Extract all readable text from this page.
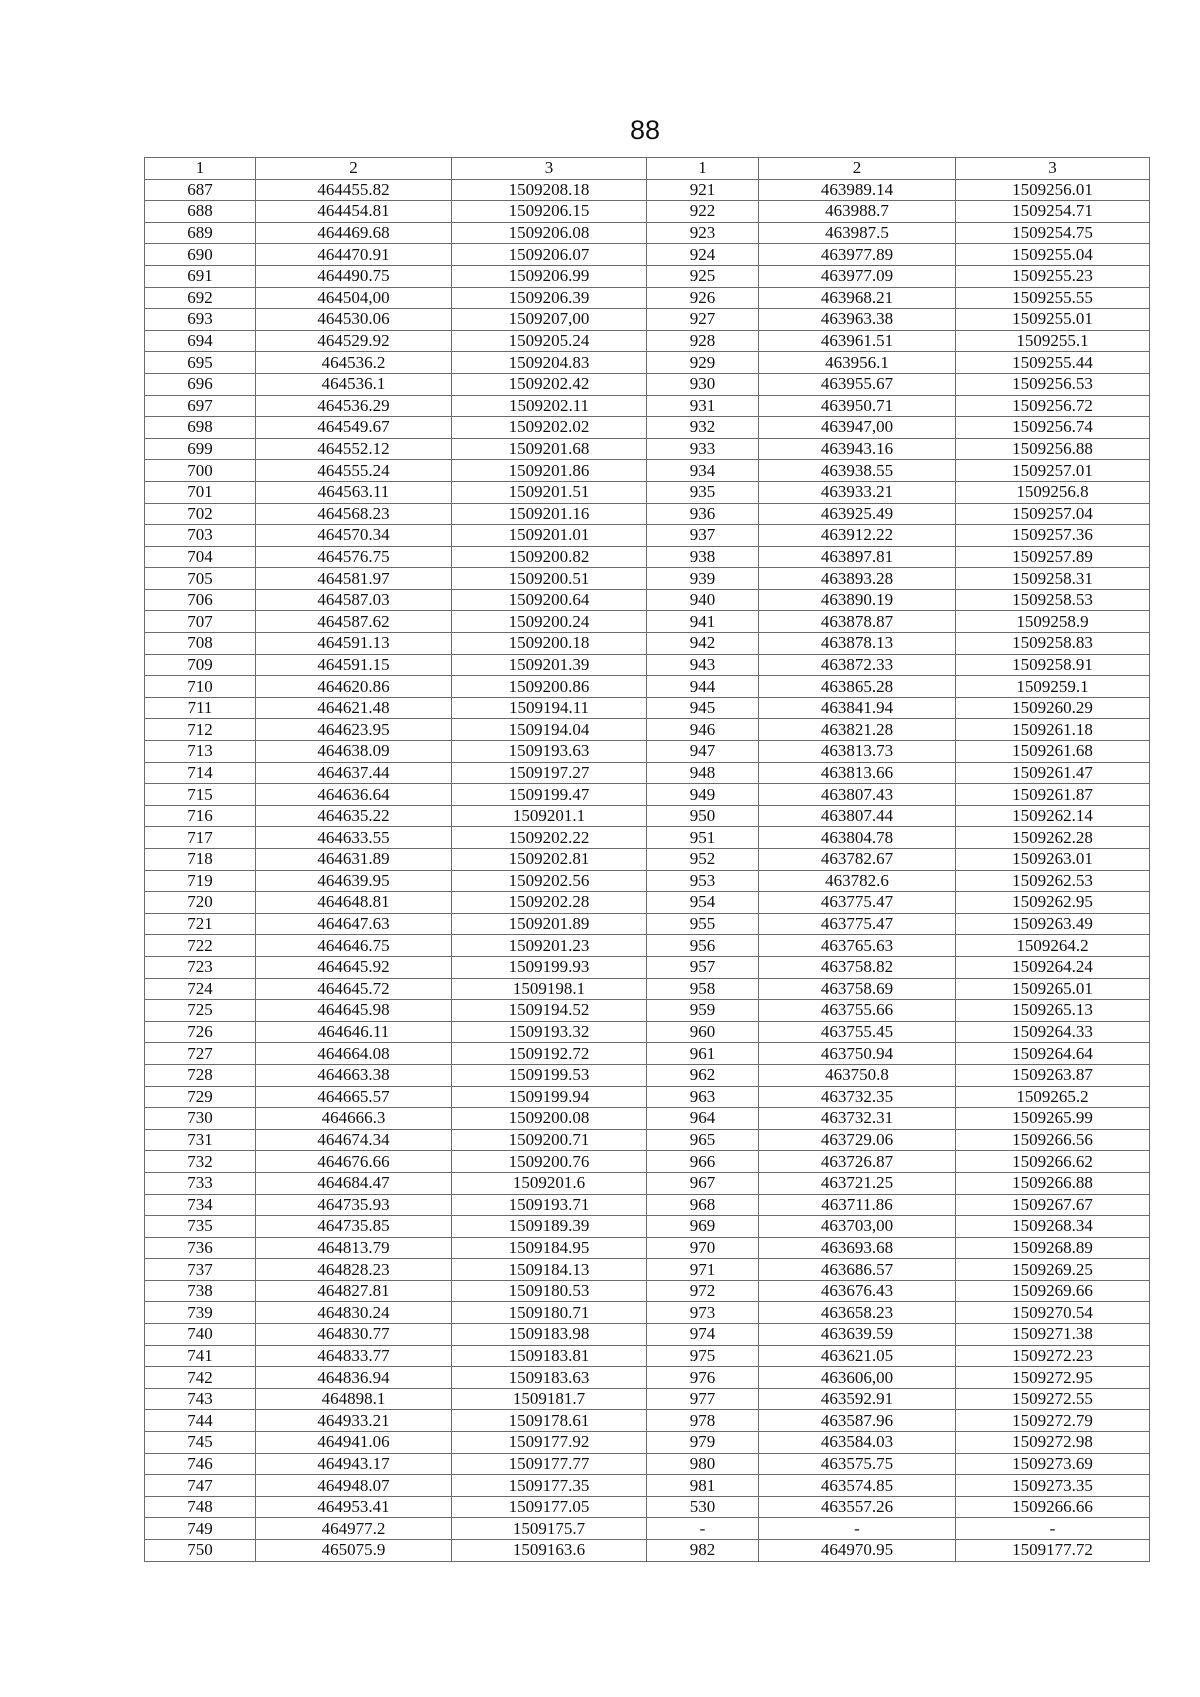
88
1	2	3	1	2	3
687	464455.82	1509208.18	921	463989.14	1509256.01
688	464454.81	1509206.15	922	463988.7	1509254.71
689	464469.68	1509206.08	923	463987.5	1509254.75
690	464470.91	1509206.07	924	463977.89	1509255.04
691	464490.75	1509206.99	925	463977.09	1509255.23
692	464504,00	1509206.39	926	463968.21	1509255.55
693	464530.06	1509207,00	927	463963.38	1509255.01
694	464529.92	1509205.24	928	463961.51	1509255.1
695	464536.2	1509204.83	929	463956.1	1509255.44
696	464536.1	1509202.42	930	463955.67	1509256.53
697	464536.29	1509202.11	931	463950.71	1509256.72
698	464549.67	1509202.02	932	463947,00	1509256.74
699	464552.12	1509201.68	933	463943.16	1509256.88
700	464555.24	1509201.86	934	463938.55	1509257.01
701	464563.11	1509201.51	935	463933.21	1509256.8
702	464568.23	1509201.16	936	463925.49	1509257.04
703	464570.34	1509201.01	937	463912.22	1509257.36
704	464576.75	1509200.82	938	463897.81	1509257.89
705	464581.97	1509200.51	939	463893.28	1509258.31
706	464587.03	1509200.64	940	463890.19	1509258.53
707	464587.62	1509200.24	941	463878.87	1509258.9
708	464591.13	1509200.18	942	463878.13	1509258.83
709	464591.15	1509201.39	943	463872.33	1509258.91
710	464620.86	1509200.86	944	463865.28	1509259.1
711	464621.48	1509194.11	945	463841.94	1509260.29
712	464623.95	1509194.04	946	463821.28	1509261.18
713	464638.09	1509193.63	947	463813.73	1509261.68
714	464637.44	1509197.27	948	463813.66	1509261.47
715	464636.64	1509199.47	949	463807.43	1509261.87
716	464635.22	1509201.1	950	463807.44	1509262.14
717	464633.55	1509202.22	951	463804.78	1509262.28
718	464631.89	1509202.81	952	463782.67	1509263.01
719	464639.95	1509202.56	953	463782.6	1509262.53
720	464648.81	1509202.28	954	463775.47	1509262.95
721	464647.63	1509201.89	955	463775.47	1509263.49
722	464646.75	1509201.23	956	463765.63	1509264.2
723	464645.92	1509199.93	957	463758.82	1509264.24
724	464645.72	1509198.1	958	463758.69	1509265.01
725	464645.98	1509194.52	959	463755.66	1509265.13
726	464646.11	1509193.32	960	463755.45	1509264.33
727	464664.08	1509192.72	961	463750.94	1509264.64
728	464663.38	1509199.53	962	463750.8	1509263.87
729	464665.57	1509199.94	963	463732.35	1509265.2
730	464666.3	1509200.08	964	463732.31	1509265.99
731	464674.34	1509200.71	965	463729.06	1509266.56
732	464676.66	1509200.76	966	463726.87	1509266.62
733	464684.47	1509201.6	967	463721.25	1509266.88
734	464735.93	1509193.71	968	463711.86	1509267.67
735	464735.85	1509189.39	969	463703,00	1509268.34
736	464813.79	1509184.95	970	463693.68	1509268.89
737	464828.23	1509184.13	971	463686.57	1509269.25
738	464827.81	1509180.53	972	463676.43	1509269.66
739	464830.24	1509180.71	973	463658.23	1509270.54
740	464830.77	1509183.98	974	463639.59	1509271.38
741	464833.77	1509183.81	975	463621.05	1509272.23
742	464836.94	1509183.63	976	463606,00	1509272.95
743	464898.1	1509181.7	977	463592.91	1509272.55
744	464933.21	1509178.61	978	463587.96	1509272.79
745	464941.06	1509177.92	979	463584.03	1509272.98
746	464943.17	1509177.77	980	463575.75	1509273.69
747	464948.07	1509177.35	981	463574.85	1509273.35
748	464953.41	1509177.05	530	463557.26	1509266.66
749	464977.2	1509175.7	-	-	-
750	465075.9	1509163.6	982	464970.95	1509177.72
